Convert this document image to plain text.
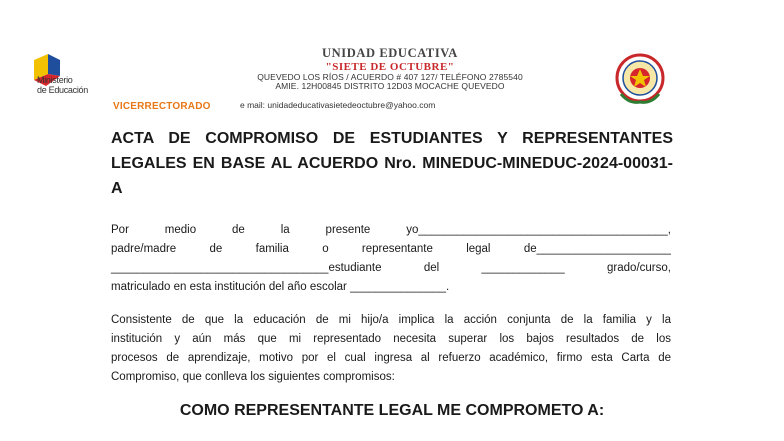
Ministerio
de Educación
VICERRECTORADO
UNIDAD EDUCATIVA
"SIETE DE OCTUBRE"
QUEVEDO LOS RÍOS / ACUERDO # 407 127/ TELÉFONO 2785540
AMIE. 12H00845 DISTRITO 12D03 MOCACHE QUEVEDO
e mail: unidadeducativasietedeoctubre@yahoo.com
ACTA DE COMPROMISO DE ESTUDIANTES Y REPRESENTANTES LEGALES EN BASE AL ACUERDO Nro. MINEDUC-MINEDUC-2024-00031-A
Por	medio	de	la	presente	yo_______________________________________,
padre/madre	de	familia	o	representante	legal	de_____________________
__________________________________estudiante	del	_____________	grado/curso,
matriculado en esta institución del año escolar _______________.
Consistente de que la educación de mi hijo/a implica la acción conjunta de la familia y la
institución y aún más que mi representado necesita superar los bajos resultados de los
procesos de aprendizaje, motivo por el cual ingresa al refuerzo académico, firmo esta Carta de
Compromiso, que conlleva los siguientes compromisos:
COMO REPRESENTANTE LEGAL ME COMPROMETO A:
